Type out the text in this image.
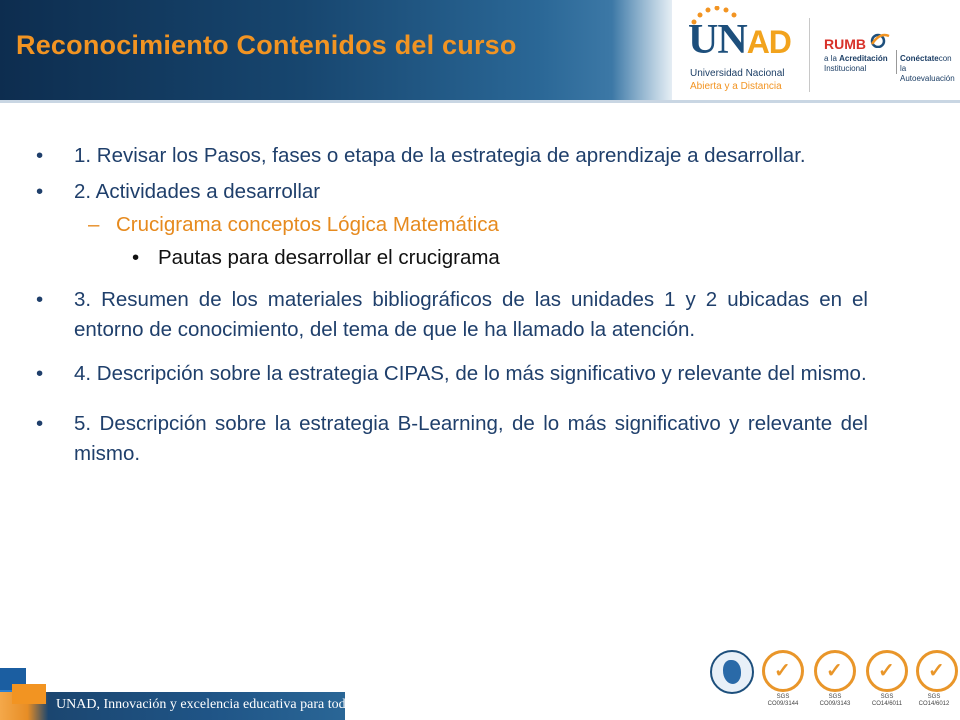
Reconocimiento Contenidos del curso	UNAD
Universidad Nacional
Abierta y a Distancia
RUMB
a la Acreditación
Institucional
Conéctatecon la
Autoevaluación
• 1. Revisar los Pasos, fases o etapa de la estrategia de aprendizaje a desarrollar.
• 2. Actividades a desarrollar
– Crucigrama conceptos Lógica Matemática
• Pautas para desarrollar el crucigrama
• 3. Resumen de los materiales bibliográficos de las unidades 1 y 2 ubicadas en el entorno de conocimiento, del tema de que le ha llamado la atención.
• 4. Descripción sobre la estrategia CIPAS, de lo más significativo y relevante del mismo.
• 5. Descripción sobre la estrategia B-Learning, de lo más significativo y relevante del mismo.
UNAD, Innovación y excelencia educativa para todos.
✓
SGS
CO09/3144
✓
SGS
CO09/3143
✓
SGS
CO14/6011
✓
SGS
CO14/6012
